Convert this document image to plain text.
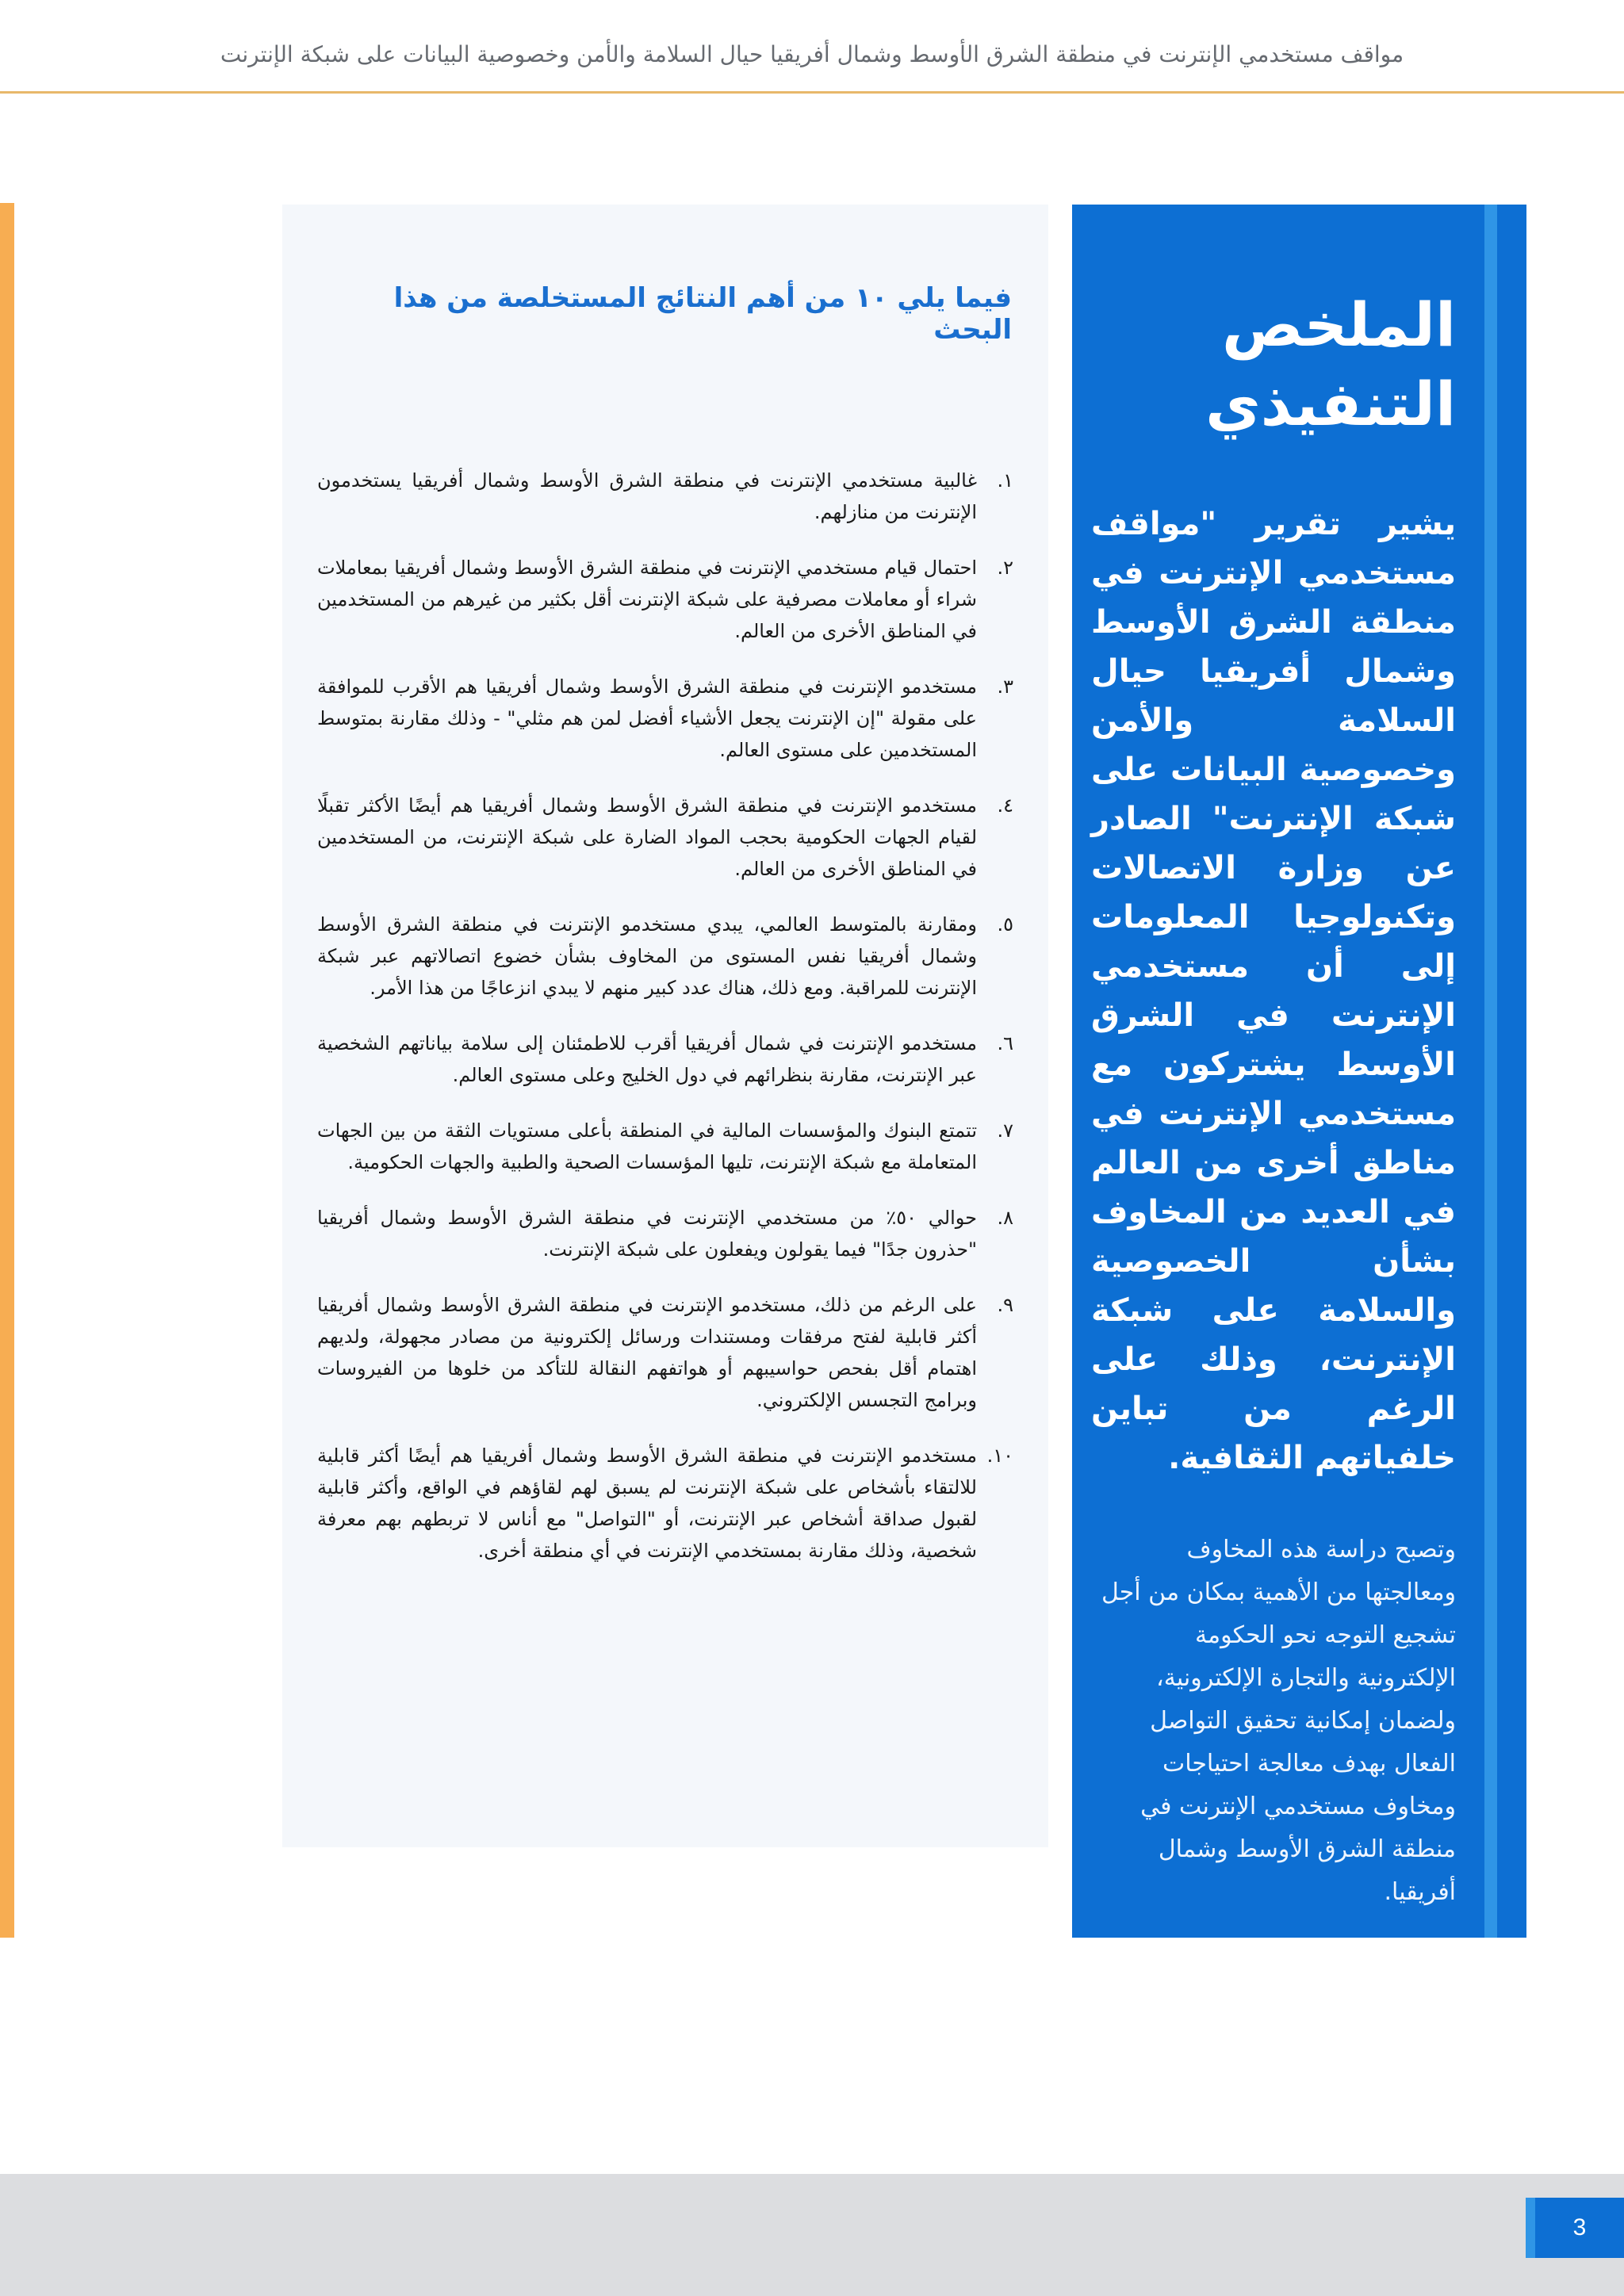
مواقف مستخدمي الإنترنت في منطقة الشرق الأوسط وشمال أفريقيا حيال السلامة والأمن وخصوصية البيانات على شبكة الإنترنت
فيما يلي ١٠ من أهم النتائج المستخلصة من هذا البحث
١.
غالبية مستخدمي الإنترنت في منطقة الشرق الأوسط وشمال أفريقيا يستخدمون الإنترنت من منازلهم.
٢.
احتمال قيام مستخدمي الإنترنت في منطقة الشرق الأوسط وشمال أفريقيا بمعاملات شراء أو معاملات مصرفية على شبكة الإنترنت أقل بكثير من غيرهم من المستخدمين في المناطق الأخرى من العالم.
٣.
مستخدمو الإنترنت في منطقة الشرق الأوسط وشمال أفريقيا هم الأقرب للموافقة على مقولة "إن الإنترنت يجعل الأشياء أفضل لمن هم مثلي" - وذلك مقارنة بمتوسط المستخدمين على مستوى العالم.
٤.
مستخدمو الإنترنت في منطقة الشرق الأوسط وشمال أفريقيا هم أيضًا الأكثر تقبلًا لقيام الجهات الحكومية بحجب المواد الضارة على شبكة الإنترنت، من المستخدمين في المناطق الأخرى من العالم.
٥.
ومقارنة بالمتوسط العالمي، يبدي مستخدمو الإنترنت في منطقة الشرق الأوسط وشمال أفريقيا نفس المستوى من المخاوف بشأن خضوع اتصالاتهم عبر شبكة الإنترنت للمراقبة. ومع ذلك، هناك عدد كبير منهم لا يبدي انزعاجًا من هذا الأمر.
٦.
مستخدمو الإنترنت في شمال أفريقيا أقرب للاطمئنان إلى سلامة بياناتهم الشخصية عبر الإنترنت، مقارنة بنظرائهم في دول الخليج وعلى مستوى العالم.
٧.
تتمتع البنوك والمؤسسات المالية في المنطقة بأعلى مستويات الثقة من بين الجهات المتعاملة مع شبكة الإنترنت، تليها المؤسسات الصحية والطبية والجهات الحكومية.
٨.
حوالي ٥٠٪ من مستخدمي الإنترنت في منطقة الشرق الأوسط وشمال أفريقيا "حذرون جدًا" فيما يقولون ويفعلون على شبكة الإنترنت.
٩.
على الرغم من ذلك، مستخدمو الإنترنت في منطقة الشرق الأوسط وشمال أفريقيا أكثر قابلية لفتح مرفقات ومستندات ورسائل إلكترونية من مصادر مجهولة، ولديهم اهتمام أقل بفحص حواسيبهم أو هواتفهم النقالة للتأكد من خلوها من الفيروسات وبرامج التجسس الإلكتروني.
١٠.
مستخدمو الإنترنت في منطقة الشرق الأوسط وشمال أفريقيا هم أيضًا أكثر قابلية للالتقاء بأشخاص على شبكة الإنترنت لم يسبق لهم لقاؤهم في الواقع، وأكثر قابلية لقبول صداقة أشخاص عبر الإنترنت، أو "التواصل" مع أناس لا تربطهم بهم معرفة شخصية، وذلك مقارنة بمستخدمي الإنترنت في أي منطقة أخرى.
الملخص
التنفيذي

يشير تقرير "مواقف مستخدمي الإنترنت في منطقة الشرق الأوسط وشمال أفريقيا حيال السلامة والأمن وخصوصية البيانات على شبكة الإنترنت" الصادر عن وزارة الاتصالات وتكنولوجيا المعلومات إلى أن مستخدمي الإنترنت في الشرق الأوسط يشتركون مع مستخدمي الإنترنت في مناطق أخرى من العالم في العديد من المخاوف بشأن الخصوصية والسلامة على شبكة الإنترنت، وذلك على الرغم من تباين خلفياتهم الثقافية.

وتصبح دراسة هذه المخاوف ومعالجتها من الأهمية بمكان من أجل تشجيع التوجه نحو الحكومة الإلكترونية والتجارة الإلكترونية، ولضمان إمكانية تحقيق التواصل الفعال بهدف معالجة احتياجات ومخاوف مستخدمي الإنترنت في منطقة الشرق الأوسط وشمال أفريقيا.

3
